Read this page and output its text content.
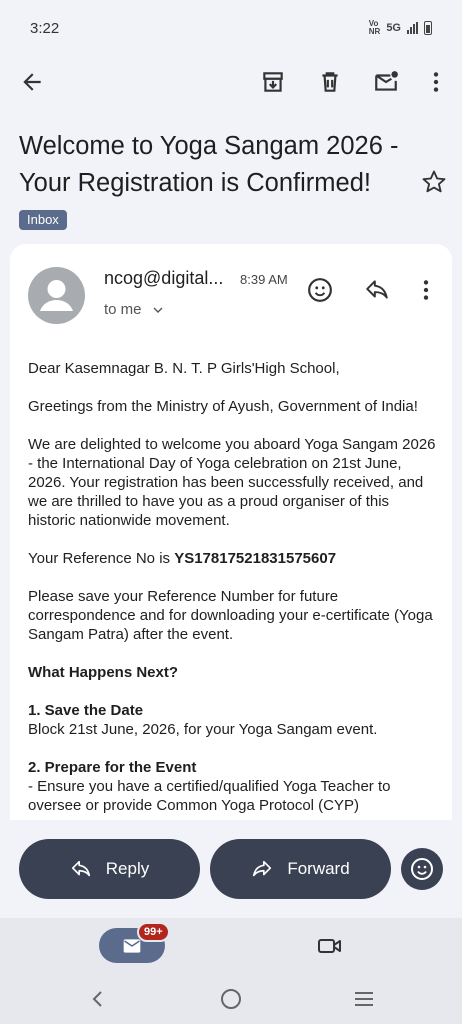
3:22	Vo
NR 5G
Welcome to Yoga Sangam 2026 - Your Registration is Confirmed!
Inbox
ncog@digital... 8:39 AM
to me

Dear Kasemnagar B. N. T. P Girls'High School,

Greetings from the Ministry of Ayush, Government of India!

We are delighted to welcome you aboard Yoga Sangam 2026 - the International Day of Yoga celebration on 21st June, 2026. Your registration has been successfully received, and we are thrilled to have you as a proud organiser of this historic nationwide movement.

Your Reference No is YS17817521831575607

Please save your Reference Number for future correspondence and for downloading your e-certificate (Yoga Sangam Patra) after the event.

What Happens Next?

1. Save the Date
Block 21st June, 2026, for your Yoga Sangam event.

2. Prepare for the Event
- Ensure you have a certified/qualified Yoga Teacher to oversee or provide Common Yoga Protocol (CYP)

Reply	Forward
99+
